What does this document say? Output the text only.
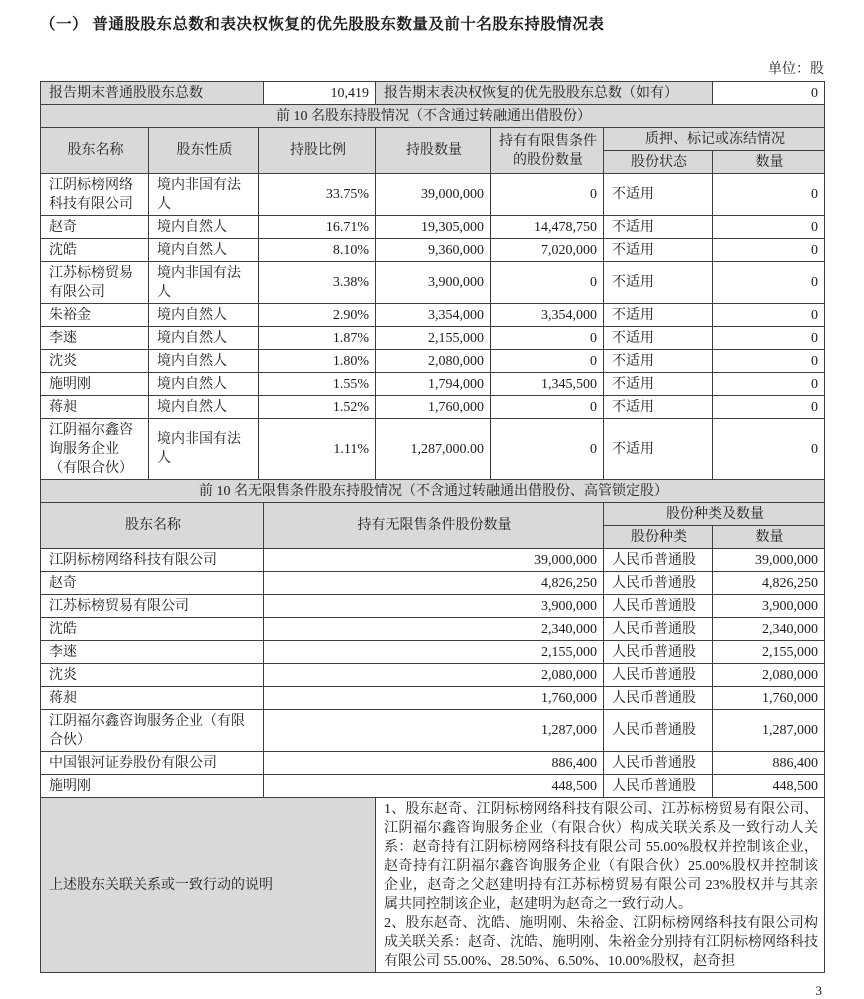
（一） 普通股股东总数和表决权恢复的优先股股东数量及前十名股东持股情况表
单位：股
报告期末普通股股东总数	10,419	报告期末表决权恢复的优先股股东总数（如有）	0
前 10 名股东持股情况（不含通过转融通出借股份）						
股东名称	股东性质	持股比例	持股数量	持有有限售条件的股份数量	质押、标记或冻结情况	
					股份状态	数量
江阴标榜网络科技有限公司	境内非国有法人	33.75%	39,000,000	0	不适用	0
赵奇	境内自然人	16.71%	19,305,000	14,478,750	不适用	0
沈皓	境内自然人	8.10%	9,360,000	7,020,000	不适用	0
江苏标榜贸易有限公司	境内非国有法人	3.38%	3,900,000	0	不适用	0
朱裕金	境内自然人	2.90%	3,354,000	3,354,000	不适用	0
李逨	境内自然人	1.87%	2,155,000	0	不适用	0
沈炎	境内自然人	1.80%	2,080,000	0	不适用	0
施明刚	境内自然人	1.55%	1,794,000	1,345,500	不适用	0
蒋昶	境内自然人	1.52%	1,760,000	0	不适用	0
江阴福尔鑫咨询服务企业（有限合伙）	境内非国有法人	1.11%	1,287,000.00	0	不适用	0
前 10 名无限售条件股东持股情况（不含通过转融通出借股份、高管锁定股）			
股东名称	持有无限售条件股份数量	股份种类及数量	
		股份种类	数量
江阴标榜网络科技有限公司	39,000,000	人民币普通股	39,000,000
赵奇	4,826,250	人民币普通股	4,826,250
江苏标榜贸易有限公司	3,900,000	人民币普通股	3,900,000
沈皓	2,340,000	人民币普通股	2,340,000
李逨	2,155,000	人民币普通股	2,155,000
沈炎	2,080,000	人民币普通股	2,080,000
蒋昶	1,760,000	人民币普通股	1,760,000
江阴福尔鑫咨询服务企业（有限合伙）	1,287,000	人民币普通股	1,287,000
中国银河证券股份有限公司	886,400	人民币普通股	886,400
施明刚	448,500	人民币普通股	448,500
上述股东关联关系或一致行动的说明	

1、股东赵奇、江阴标榜网络科技有限公司、江苏标榜贸易有限公司、江阴福尔鑫咨询服务企业（有限合伙）构成关联关系及一致行动人关系：赵奇持有江阴标榜网络科技有限公司 55.00%股权并控制该企业，赵奇持有江阴福尔鑫咨询服务企业（有限合伙）25.00%股权并控制该企业，赵奇之父赵建明持有江苏标榜贸易有限公司 23%股权并与其亲属共同控制该企业，赵建明为赵奇之一致行动人。

2、股东赵奇、沈皓、施明刚、朱裕金、江阴标榜网络科技有限公司构成关联关系：赵奇、沈皓、施明刚、朱裕金分别持有江阴标榜网络科技有限公司 55.00%、28.50%、6.50%、10.00%股权，赵奇担

3
